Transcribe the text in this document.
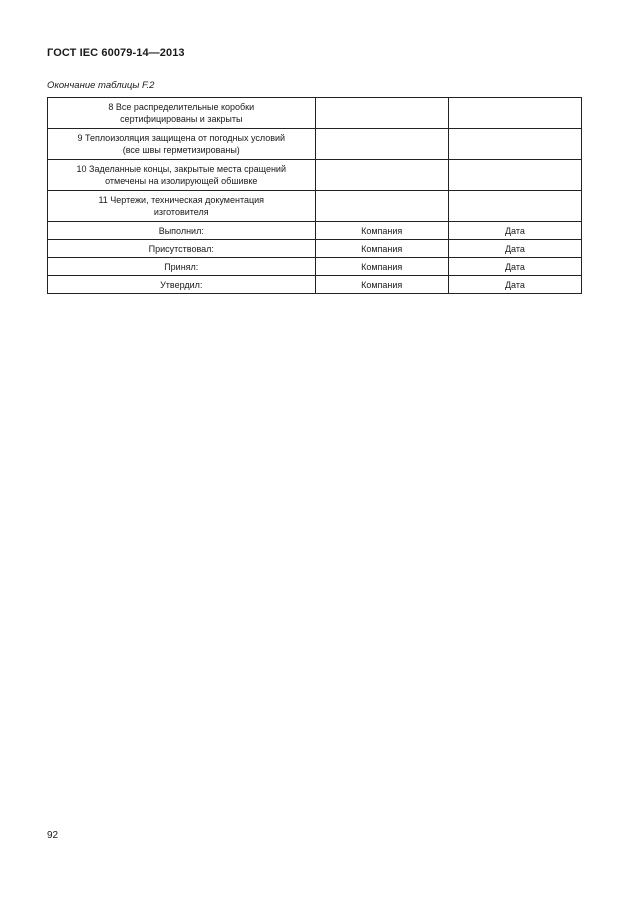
ГОСТ IEC 60079-14—2013
Окончание таблицы F.2
8 Все распределительные коробки
сертифицированы и закрыты		

9 Теплоизоляция защищена от погодных условий
(все швы герметизированы)		

10 Заделанные концы, закрытые места сращений
отмечены на изолирующей обшивке		

11 Чертежи, техническая документация
изготовителя		

Выполнил:	Компания	Дата
Присутствовал:	Компания	Дата
Принял:	Компания	Дата
Утвердил:	Компания	Дата
92
